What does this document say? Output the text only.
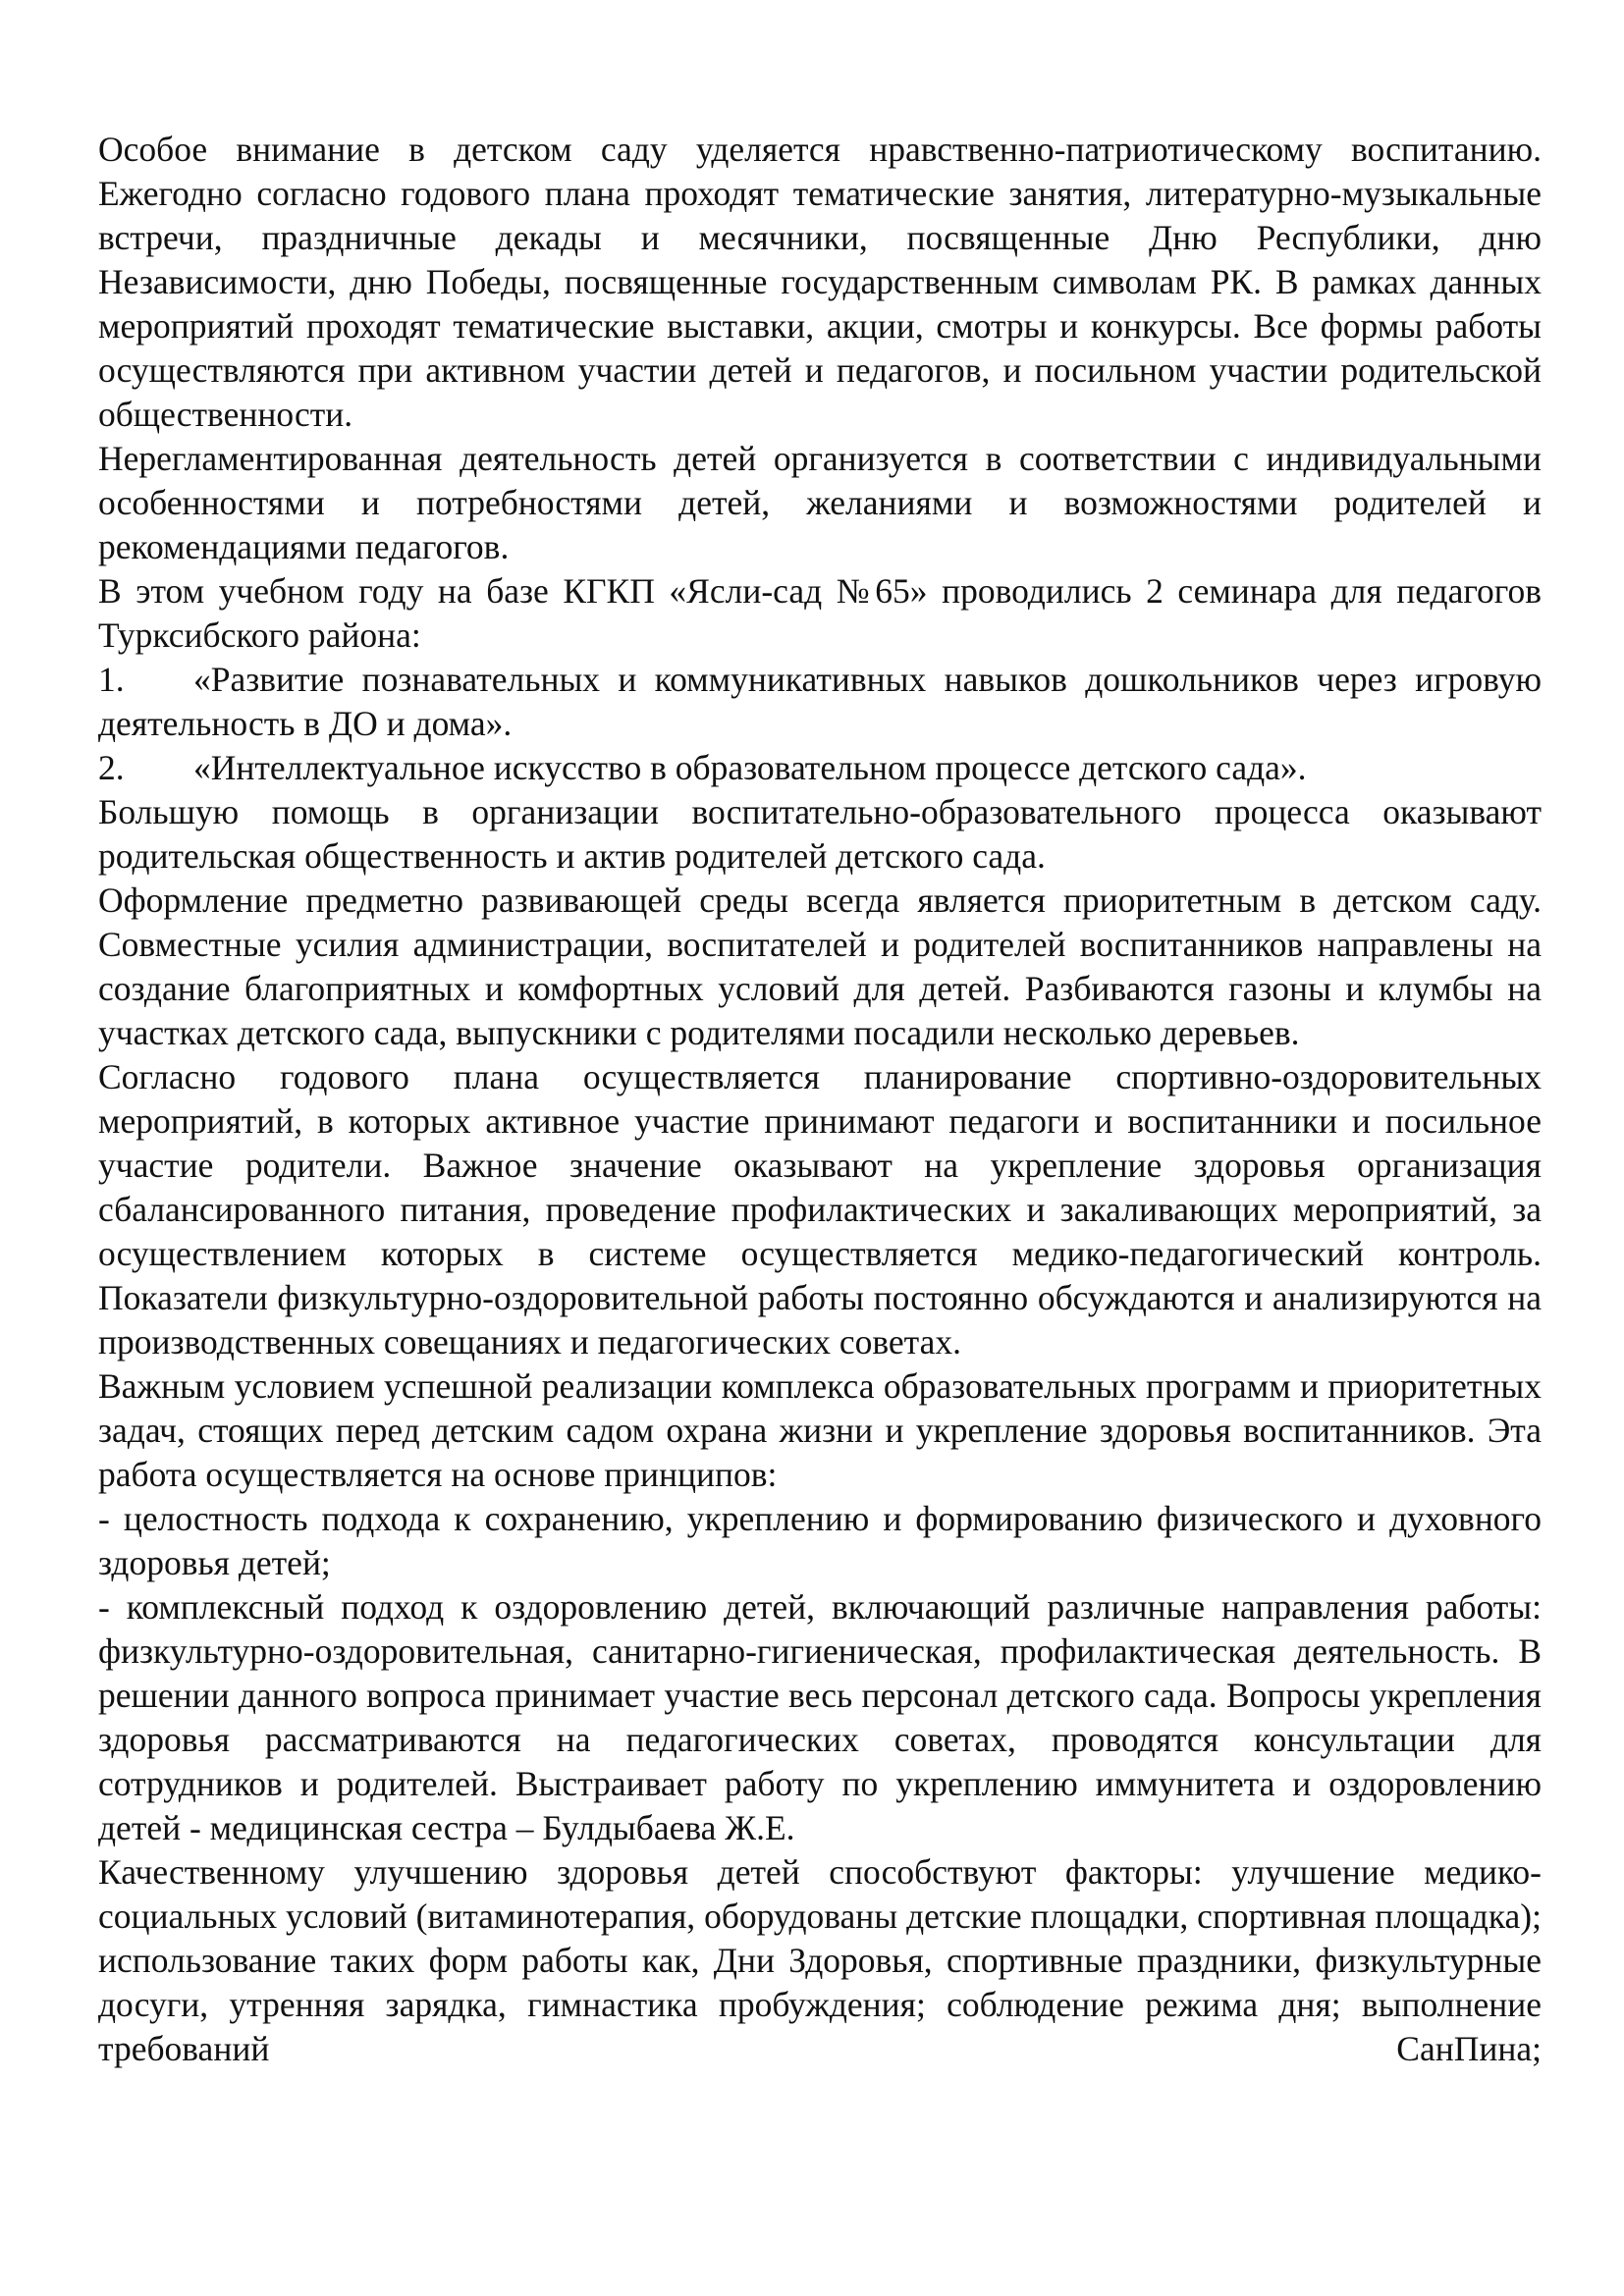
Особое внимание в детском саду уделяется нравственно-патриотическому воспитанию. Ежегодно согласно годового плана проходят тематические занятия, литературно-музыкальные встречи, праздничные декады и месячники, посвященные Дню Республики, дню Независимости, дню Победы, посвященные государственным символам РК. В рамках данных мероприятий проходят тематические выставки, акции, смотры и конкурсы. Все формы работы осуществляются при активном участии детей и педагогов, и посильном участии родительской общественности.

Нерегламентированная деятельность детей организуется в соответствии с индивидуальными особенностями и потребностями детей, желаниями и возможностями родителей и рекомендациями педагогов.

В этом учебном году на базе КГКП «Ясли-сад №65» проводились 2 семинара для педагогов Турксибского района:

1. «Развитие познавательных и коммуникативных навыков дошкольников через игровую деятельность в ДО и дома».

2. «Интеллектуальное искусство в образовательном процессе детского сада».

Большую помощь в организации воспитательно-образовательного процесса оказывают родительская общественность и актив родителей детского сада.

Оформление предметно развивающей среды всегда является приоритетным в детском саду. Совместные усилия администрации, воспитателей и родителей воспитанников направлены на создание благоприятных и комфортных условий для детей. Разбиваются газоны и клумбы на участках детского сада, выпускники с родителями посадили несколько деревьев.

Согласно годового плана осуществляется планирование спортивно-оздоровительных мероприятий, в которых активное участие принимают педагоги и воспитанники и посильное участие родители. Важное значение оказывают на укрепление здоровья организация сбалансированного питания, проведение профилактических и закаливающих мероприятий, за осуществлением которых в системе осуществляется медико-педагогический контроль. Показатели физкультурно-оздоровительной работы постоянно обсуждаются и анализируются на производственных совещаниях и педагогических советах.

Важным условием успешной реализации комплекса образовательных программ и приоритетных задач, стоящих перед детским садом охрана жизни и укрепление здоровья воспитанников. Эта работа осуществляется на основе принципов:

- целостность подхода к сохранению, укреплению и формированию физического и духовного здоровья детей;

- комплексный подход к оздоровлению детей, включающий различные направления работы: физкультурно-оздоровительная, санитарно-гигиеническая, профилактическая деятельность. В решении данного вопроса принимает участие весь персонал детского сада. Вопросы укрепления здоровья рассматриваются на педагогических советах, проводятся консультации для сотрудников и родителей. Выстраивает работу по укреплению иммунитета и оздоровлению детей - медицинская сестра – Булдыбаева Ж.Е.

Качественному улучшению здоровья детей способствуют факторы: улучшение медико-социальных условий (витаминотерапия, оборудованы детские площадки, спортивная площадка); использование таких форм работы как, Дни Здоровья, спортивные праздники, физкультурные досуги, утренняя зарядка, гимнастика пробуждения; соблюдение режима дня; выполнение требований СанПина;
